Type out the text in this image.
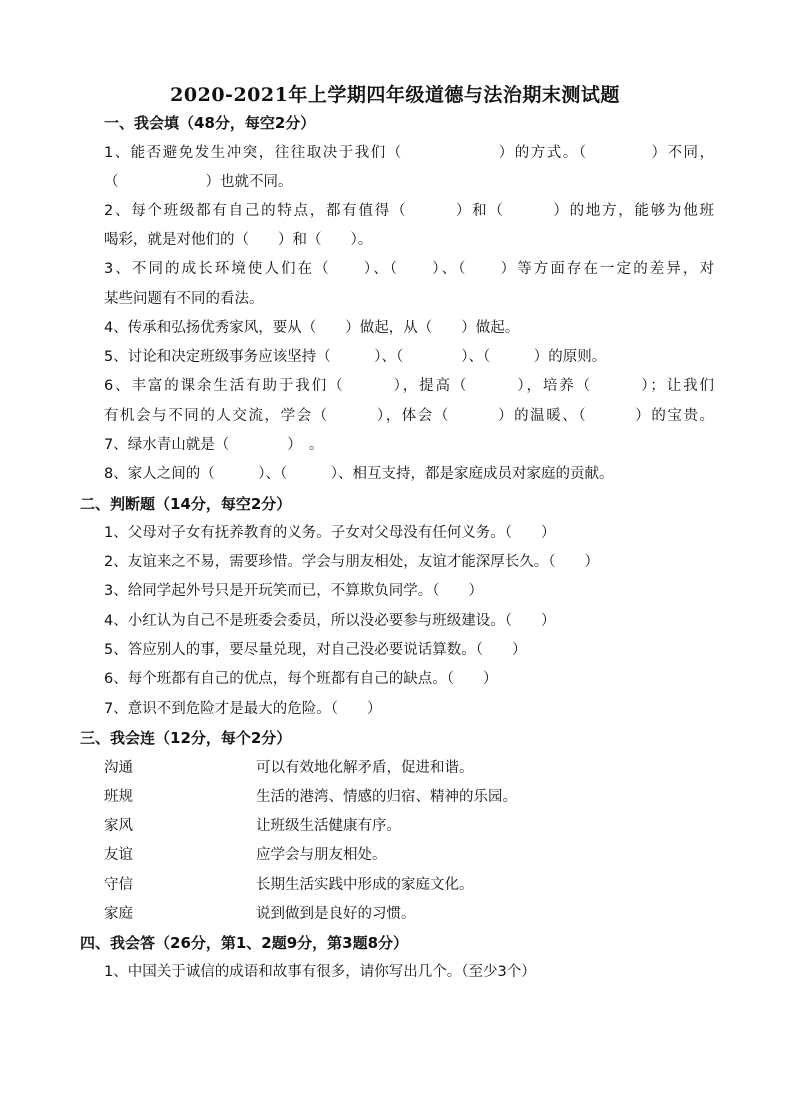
2020-2021年上学期四年级道德与法治期末测试题
一、我会填（48分，每空2分）
1、能否避免发生冲突，往往取决于我们（　　　　　　）的方式。（　　　　）不同，
（　　　　　　）也就不同。
2、每个班级都有自己的特点，都有值得（　　　）和（　　　）的地方，能够为他班
喝彩，就是对他们的（　　）和（　　）。
3、不同的成长环境使人们在（　　）、（　　）、（　　）等方面存在一定的差异，对
某些问题有不同的看法。
4、传承和弘扬优秀家风，要从（　　）做起，从（　　）做起。
5、讨论和决定班级事务应该坚持（　　　）、（　　　　）、（　　　）的原则。
6、丰富的课余生活有助于我们（　　　），提高（　　　），培养（　　　）；让我们
有机会与不同的人交流，学会（　　　），体会（　　　）的温暖、（　　　）的宝贵。
7、绿水青山就是（　　　　）　。
8、家人之间的（　　　）、（　　　）、相互支持，都是家庭成员对家庭的贡献。
二、判断题（14分，每空2分）
1、父母对子女有抚养教育的义务。子女对父母没有任何义务。（　　）
2、友谊来之不易，需要珍惜。学会与朋友相处，友谊才能深厚长久。（　　）
3、给同学起外号只是开玩笑而已，不算欺负同学。（　　）
4、小红认为自己不是班委会委员，所以没必要参与班级建设。（　　）
5、答应别人的事，要尽量兑现，对自己没必要说话算数。（　　）
6、每个班都有自己的优点，每个班都有自己的缺点。（　　）
7、意识不到危险才是最大的危险。（　　）
三、我会连（12分，每个2分）
沟通	可以有效地化解矛盾，促进和谐。
班规	生活的港湾、情感的归宿、精神的乐园。
家风	让班级生活健康有序。
友谊	应学会与朋友相处。
守信	长期生活实践中形成的家庭文化。
家庭	说到做到是良好的习惯。
四、我会答（26分，第1、2题9分，第3题8分）
1、中国关于诚信的成语和故事有很多，请你写出几个。（至少3个）
